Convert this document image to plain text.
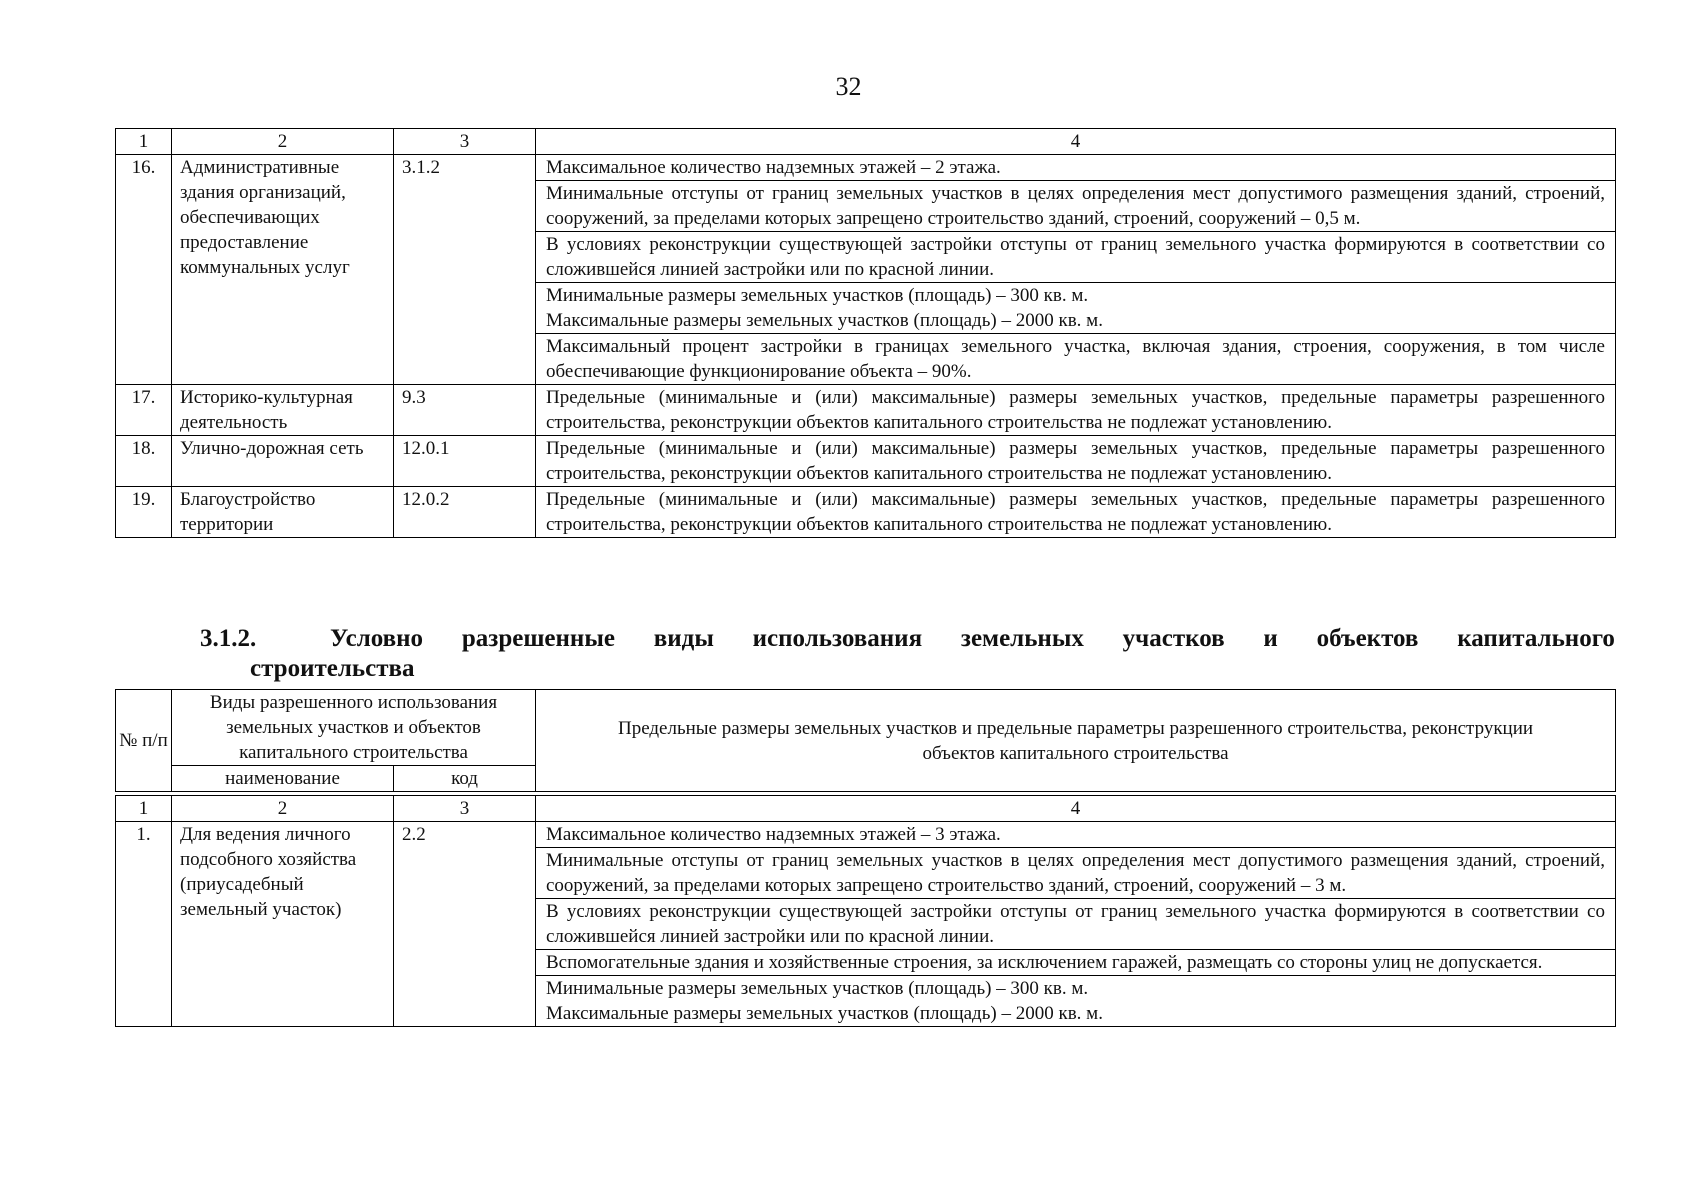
32
1	2	3	4
16.	Административные здания организаций, обеспечивающих предоставление коммунальных услуг	3.1.2	Максимальное количество надземных этажей – 2 этажа.
			Минимальные отступы от границ земельных участков в целях определения мест допустимого размещения зданий, строений, сооружений, за пределами которых запрещено строительство зданий, строений, сооружений – 0,5 м.
			В условиях реконструкции существующей застройки отступы от границ земельного участка формируются в соответствии со сложившейся линией застройки или по красной линии.

			Минимальные размеры земельных участков (площадь) – 300 кв. м.
Максимальные размеры земельных участков (площадь) – 2000 кв. м.

			Максимальный процент застройки в границах земельного участка, включая здания, строения, сооружения, в том числе обеспечивающие функционирование объекта – 90%.
17.	Историко-культурная деятельность	9.3	Предельные (минимальные и (или) максимальные) размеры земельных участков, предельные параметры разрешенного строительства, реконструкции объектов капитального строительства не подлежат установлению.
18.	Улично-дорожная сеть	12.0.1	Предельные (минимальные и (или) максимальные) размеры земельных участков, предельные параметры разрешенного строительства, реконструкции объектов капитального строительства не подлежат установлению.
19.	Благоустройство территории	12.0.2	Предельные (минимальные и (или) максимальные) размеры земельных участков, предельные параметры разрешенного строительства, реконструкции объектов капитального строительства не подлежат установлению.
3.1.2.	Условно разрешенные виды использования земельных участков и объектов капитального
строительства
№ п/п	Виды разрешенного использования земельных участков и объектов капитального строительства		Предельные размеры земельных участков и предельные параметры разрешенного строительства, реконструкции объектов капитального строительства
	наименование	код	
1	2	3	4
1.	Для ведения личного подсобного хозяйства (приусадебный земельный участок)	2.2	Максимальное количество надземных этажей – 3 этажа.
			Минимальные отступы от границ земельных участков в целях определения мест допустимого размещения зданий, строений, сооружений, за пределами которых запрещено строительство зданий, строений, сооружений – 3 м.
			В условиях реконструкции существующей застройки отступы от границ земельного участка формируются в соответствии со сложившейся линией застройки или по красной линии.
			Вспомогательные здания и хозяйственные строения, за исключением гаражей, размещать со стороны улиц не допускается.

			Минимальные размеры земельных участков (площадь) – 300 кв. м.
Максимальные размеры земельных участков (площадь) – 2000 кв. м.
